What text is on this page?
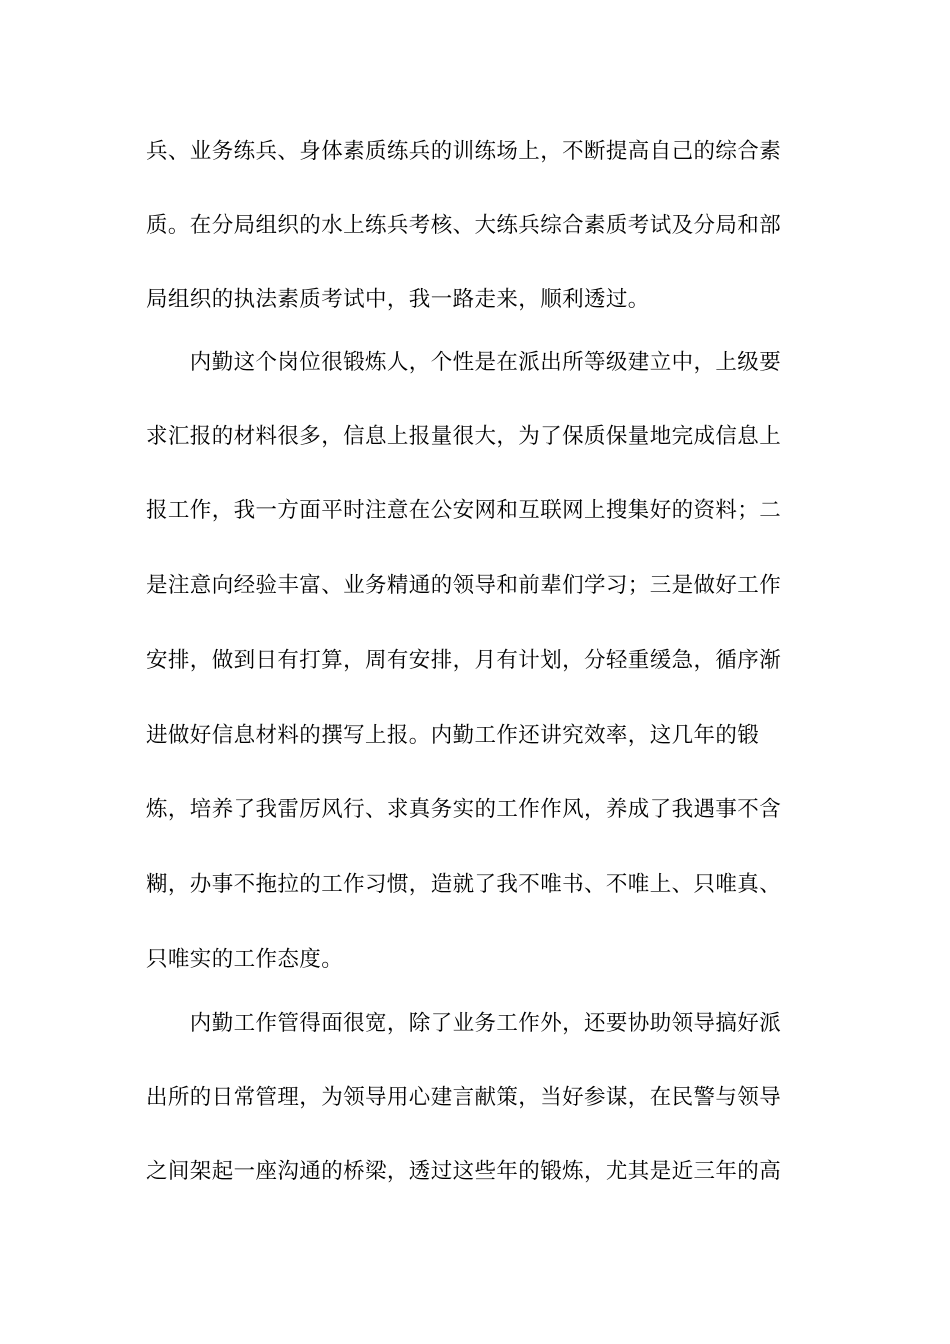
兵、业务练兵、身体素质练兵的训练场上，不断提高自己的综合素
质。在分局组织的水上练兵考核、大练兵综合素质考试及分局和部
局组织的执法素质考试中，我一路走来，顺利透过。
　　内勤这个岗位很锻炼人，个性是在派出所等级建立中，上级要
求汇报的材料很多，信息上报量很大，为了保质保量地完成信息上
报工作，我一方面平时注意在公安网和互联网上搜集好的资料；二
是注意向经验丰富、业务精通的领导和前辈们学习；三是做好工作
安排，做到日有打算，周有安排，月有计划，分轻重缓急，循序渐
进做好信息材料的撰写上报。内勤工作还讲究效率，这几年的锻
炼，培养了我雷厉风行、求真务实的工作作风，养成了我遇事不含
糊，办事不拖拉的工作习惯，造就了我不唯书、不唯上、只唯真、
只唯实的工作态度。
　　内勤工作管得面很宽，除了业务工作外，还要协助领导搞好派
出所的日常管理，为领导用心建言献策，当好参谋，在民警与领导
之间架起一座沟通的桥梁，透过这些年的锻炼，尤其是近三年的高
